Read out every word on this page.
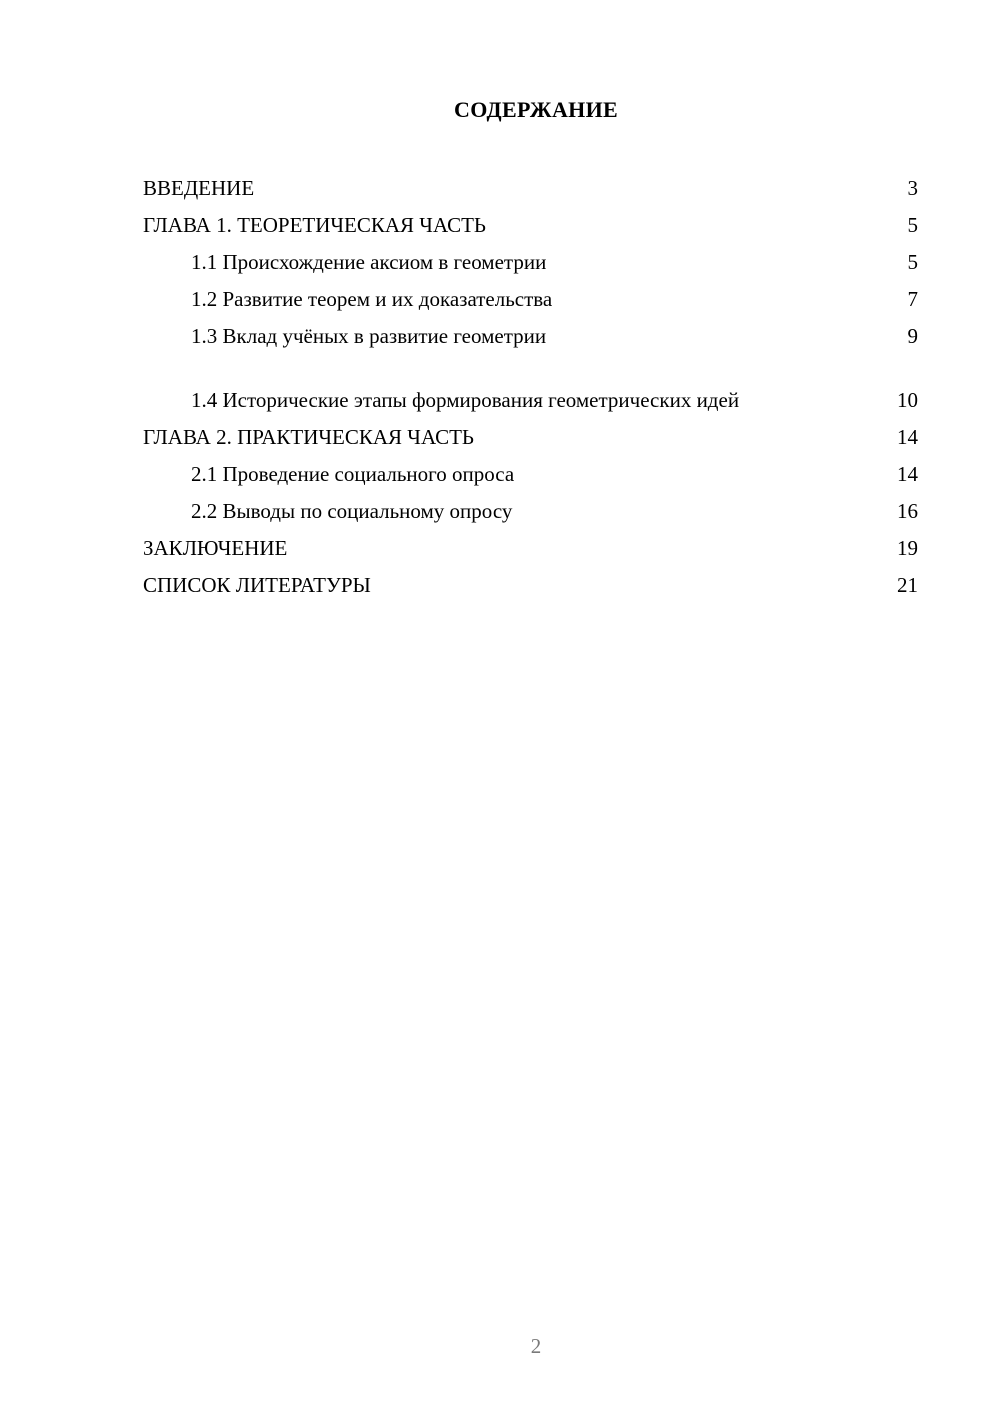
СОДЕРЖАНИЕ
ВВЕДЕНИЕ	3
ГЛАВА 1. ТЕОРЕТИЧЕСКАЯ ЧАСТЬ	5
1.1 Происхождение аксиом в геометрии	5
1.2 Развитие теорем и их доказательства	7
1.3 Вклад учёных в развитие геометрии	9
1.4 Исторические этапы формирования геометрических идей	10
ГЛАВА 2. ПРАКТИЧЕСКАЯ ЧАСТЬ	14
2.1 Проведение социального опроса	14
2.2 Выводы по социальному опросу	16
ЗАКЛЮЧЕНИЕ	19
СПИСОК ЛИТЕРАТУРЫ	21
2
